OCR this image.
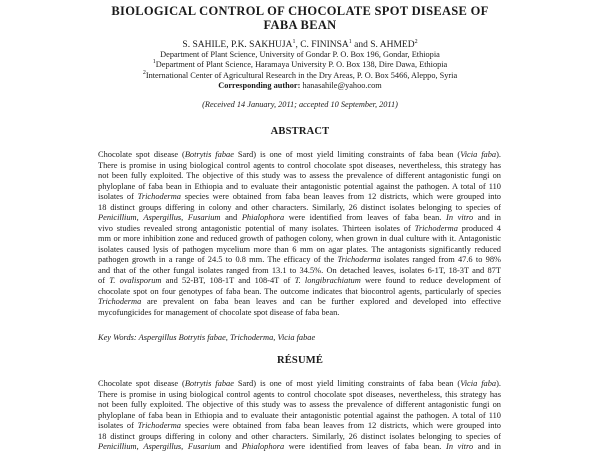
BIOLOGICAL CONTROL OF CHOCOLATE SPOT DISEASE OF
FABA BEAN
S. SAHILE, P.K. SAKHUJA$^1$, C. FININSA$^1$ and S. AHMED$^2$
Department of Plant Science, University of Gondar P. O. Box 196, Gondar, Ethiopia
$^1$Department of Plant Science, Haramaya University P. O. Box 138, Dire Dawa, Ethiopia
$^2$International Center of Agricultural Research in the Dry Areas, P. O. Box 5466, Aleppo, Syria
Corresponding author: hanasahile@yahoo.com
(Received 14 January, 2011; accepted 10 September, 2011)
ABSTRACT
Chocolate spot disease (Botrytis fabae Sard) is one of most yield limiting constraints of faba bean (Vicia faba).
There is promise in using biological control agents to control chocolate spot diseases, nevertheless, this strategy has
not been fully exploited. The objective of this study was to assess the prevalence of different antagonistic fungi on
phyloplane of faba bean in Ethiopia and to evaluate their antagonistic potential against the pathogen. A total of 110
isolates of Trichoderma species were obtained from faba bean leaves from 12 districts, which were grouped into
18 distinct groups differing in colony and other characters. Similarly, 26 distinct isolates belonging to species of
Penicillium, Aspergillus, Fusarium and Phialophora were identified from leaves of faba bean. In vitro and in
vivo studies revealed strong antagonistic potential of many isolates. Thirteen isolates of Trichoderma produced 4
mm or more inhibition zone and reduced growth of pathogen colony, when grown in dual culture with it. Antagonistic
isolates caused lysis of pathogen mycelium more than 6 mm on agar plates. The antagonists significantly reduced
pathogen growth in a range of 24.5 to 0.8 mm. The efficacy of the Trichoderma isolates ranged from 47.6 to 98%
and that of the other fungal isolates ranged from 13.1 to 34.5%. On detached leaves, isolates 6-1T, 18-3T and 87T
of T. ovalisporum and 52-BT, 108-1T and 108-4T of T. longibrachiatum were found to reduce development of
chocolate spot on four genotypes of faba bean. The outcome indicates that biocontrol agents, particularly of species
Trichoderma are prevalent on faba bean leaves and can be further explored and developed into effective
mycofungicides for management of chocolate spot disease of faba bean.
Key Words: Aspergillus Botrytis fabae, Trichoderma, Vicia fabae
RÉSUMÉ
Chocolate spot disease (Botrytis fabae Sard) is one of most yield limiting constraints of faba bean (Vicia faba).
There is promise in using biological control agents to control chocolate spot diseases, nevertheless, this strategy has
not been fully exploited. The objective of this study was to assess the prevalence of different antagonistic fungi on
phyloplane of faba bean in Ethiopia and to evaluate their antagonistic potential against the pathogen. A total of 110
isolates of Trichoderma species were obtained from faba bean leaves from 12 districts, which were grouped into
18 distinct groups differing in colony and other characters. Similarly, 26 distinct isolates belonging to species of
Penicillium, Aspergillus, Fusarium and Phialophora were identified from leaves of faba bean. In vitro and in
